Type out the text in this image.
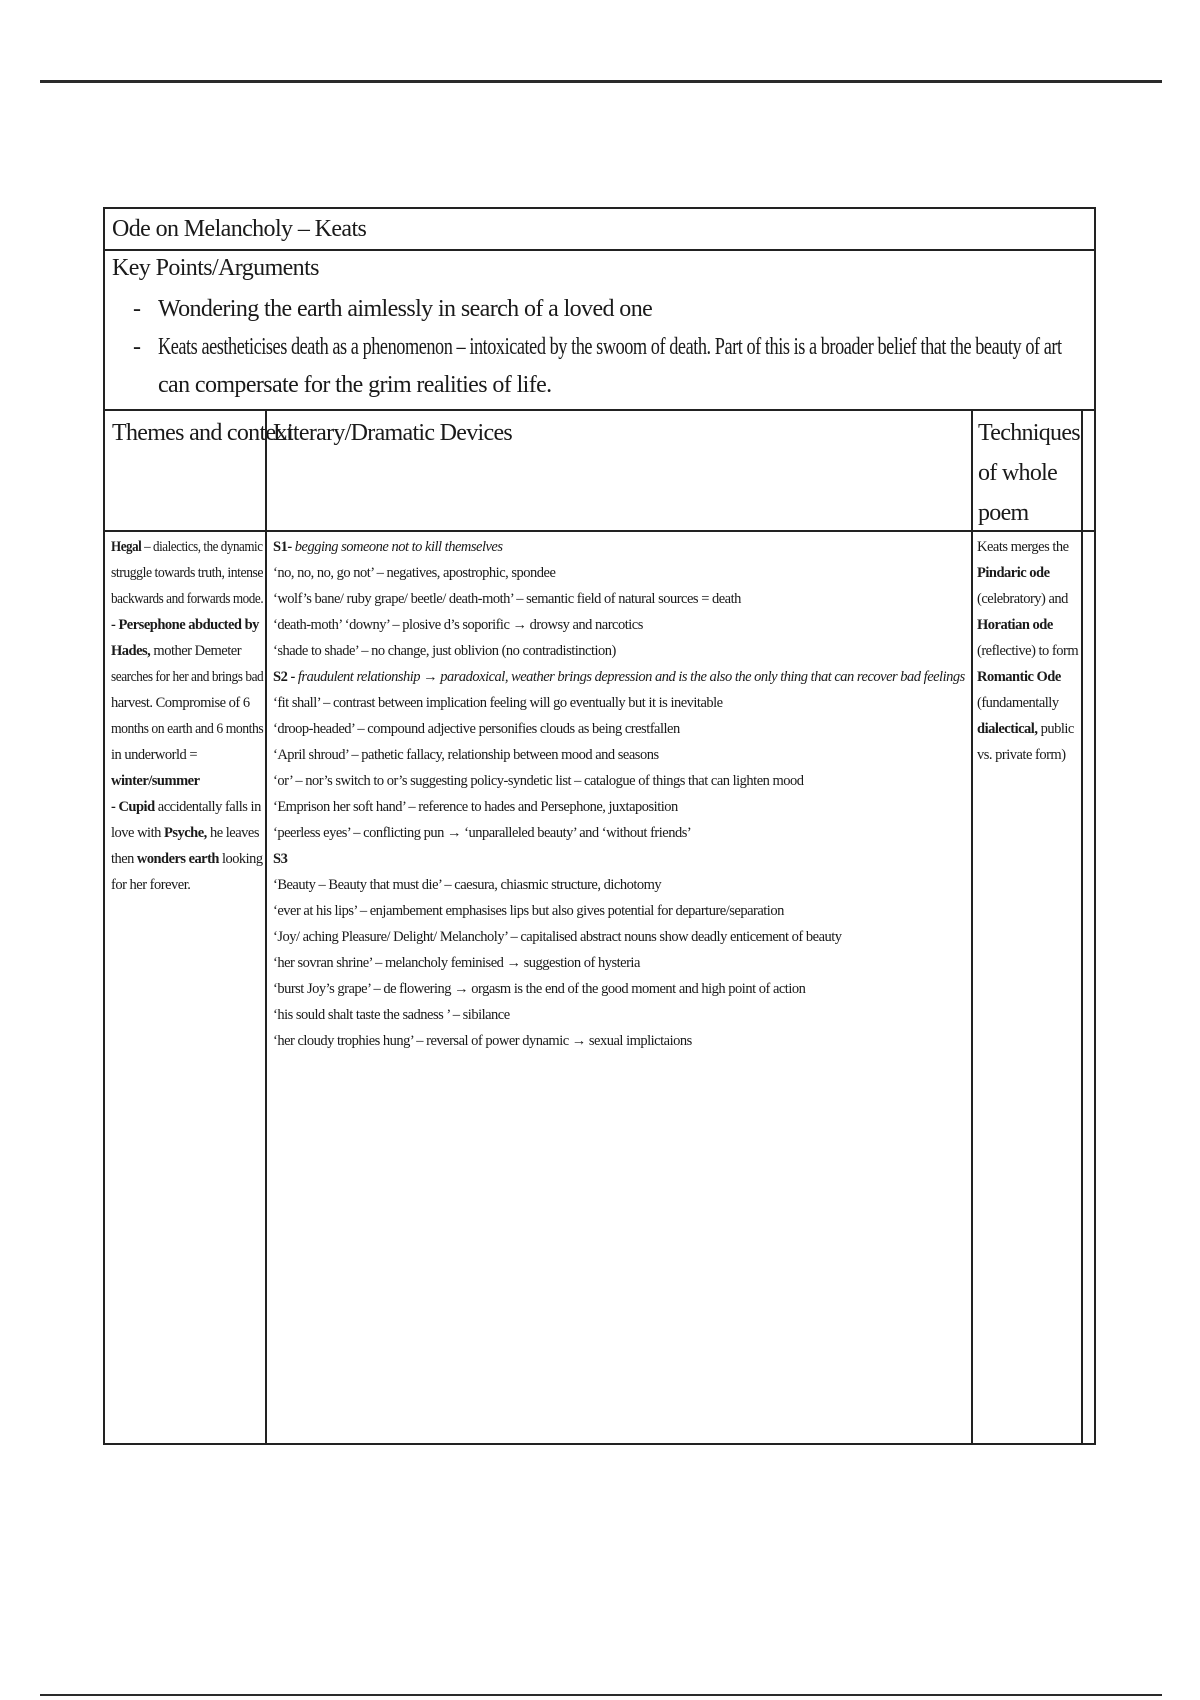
Ode on Melancholy – Keats
Key Points/Arguments
- Wondering the earth aimlessly in search of a loved one
- Keats aestheticises death as a phenomenon – intoxicated by the swoom of death. Part of this is a broader belief that the beauty of art
can compersate for the grim realities of life.
Themes and context
Literary/Dramatic Devices	Techniques
of whole
poem
Hegal – dialectics, the dynamic
struggle towards truth, intense
backwards and forwards mode.
- Persephone abducted by
Hades, mother Demeter
searches for her and brings bad
harvest. Compromise of 6
months on earth and 6 months
in underworld =
winter/summer
- Cupid accidentally falls in
love with Psyche, he leaves
then wonders earth looking
for her forever.
S1- begging someone not to kill themselves
‘no, no, no, go not’ – negatives, apostrophic, spondee
‘wolf’s bane/ ruby grape/ beetle/ death-moth’ – semantic field of natural sources = death
‘death-moth’ ‘downy’ – plosive d’s soporific → drowsy and narcotics
‘shade to shade’ – no change, just oblivion (no contradistinction)
S2 - fraudulent relationship → paradoxical, weather brings depression and is the also the only thing that can recover bad feelings
‘fit shall’ – contrast between implication feeling will go eventually but it is inevitable
‘droop-headed’ – compound adjective personifies clouds as being crestfallen
‘April shroud’ – pathetic fallacy, relationship between mood and seasons
‘or’ – nor’s switch to or’s suggesting policy-syndetic list – catalogue of things that can lighten mood
‘Emprison her soft hand’ – reference to hades and Persephone, juxtaposition
‘peerless eyes’ – conflicting pun → ‘unparalleled beauty’ and ‘without friends’
S3
‘Beauty – Beauty that must die’ – caesura, chiasmic structure, dichotomy
‘ever at his lips’ – enjambement emphasises lips but also gives potential for departure/separation
‘Joy/ aching Pleasure/ Delight/ Melancholy’ – capitalised abstract nouns show deadly enticement of beauty
‘her sovran shrine’ – melancholy feminised → suggestion of hysteria
‘burst Joy’s grape’ – de flowering → orgasm is the end of the good moment and high point of action
‘his sould shalt taste the sadness ’ – sibilance
‘her cloudy trophies hung’ – reversal of power dynamic → sexual implictaions
Keats merges the
Pindaric ode
(celebratory) and
Horatian ode
(reflective) to form
Romantic Ode
(fundamentally
dialectical, public
vs. private form)
